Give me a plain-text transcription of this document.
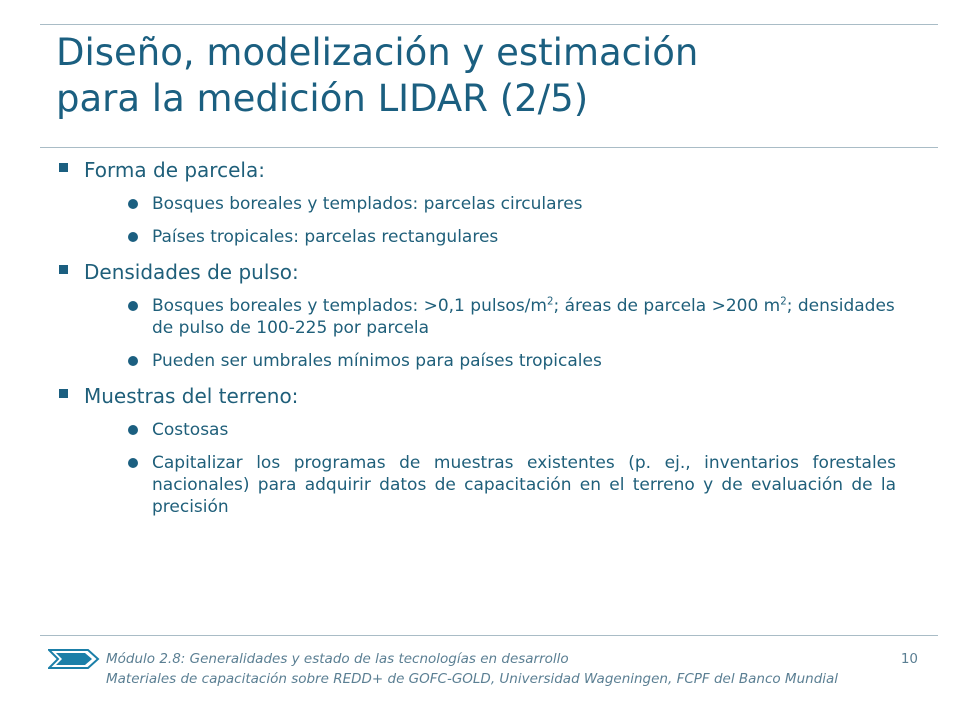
Diseño, modelización y estimación
para la medición LIDAR (2/5)
Forma de parcela:
Bosques boreales y templados: parcelas circulares
Países tropicales: parcelas rectangulares
Densidades de pulso:
Bosques boreales y templados: >0,1 pulsos/$m^2$; áreas de parcela >200 $m^2$; densidades de pulso de 100-225 por parcela
Pueden ser umbrales mínimos para países tropicales
Muestras del terreno:
Costosas
Capitalizar los programas de muestras existentes (p. ej., inventarios forestales nacionales) para adquirir datos de capacitación en el terreno y de evaluación de la precisión
Módulo 2.8: Generalidades y estado de las tecnologías en desarrollo	10
Materiales de capacitación sobre REDD+ de GOFC-GOLD, Universidad Wageningen, FCPF del Banco Mundial
